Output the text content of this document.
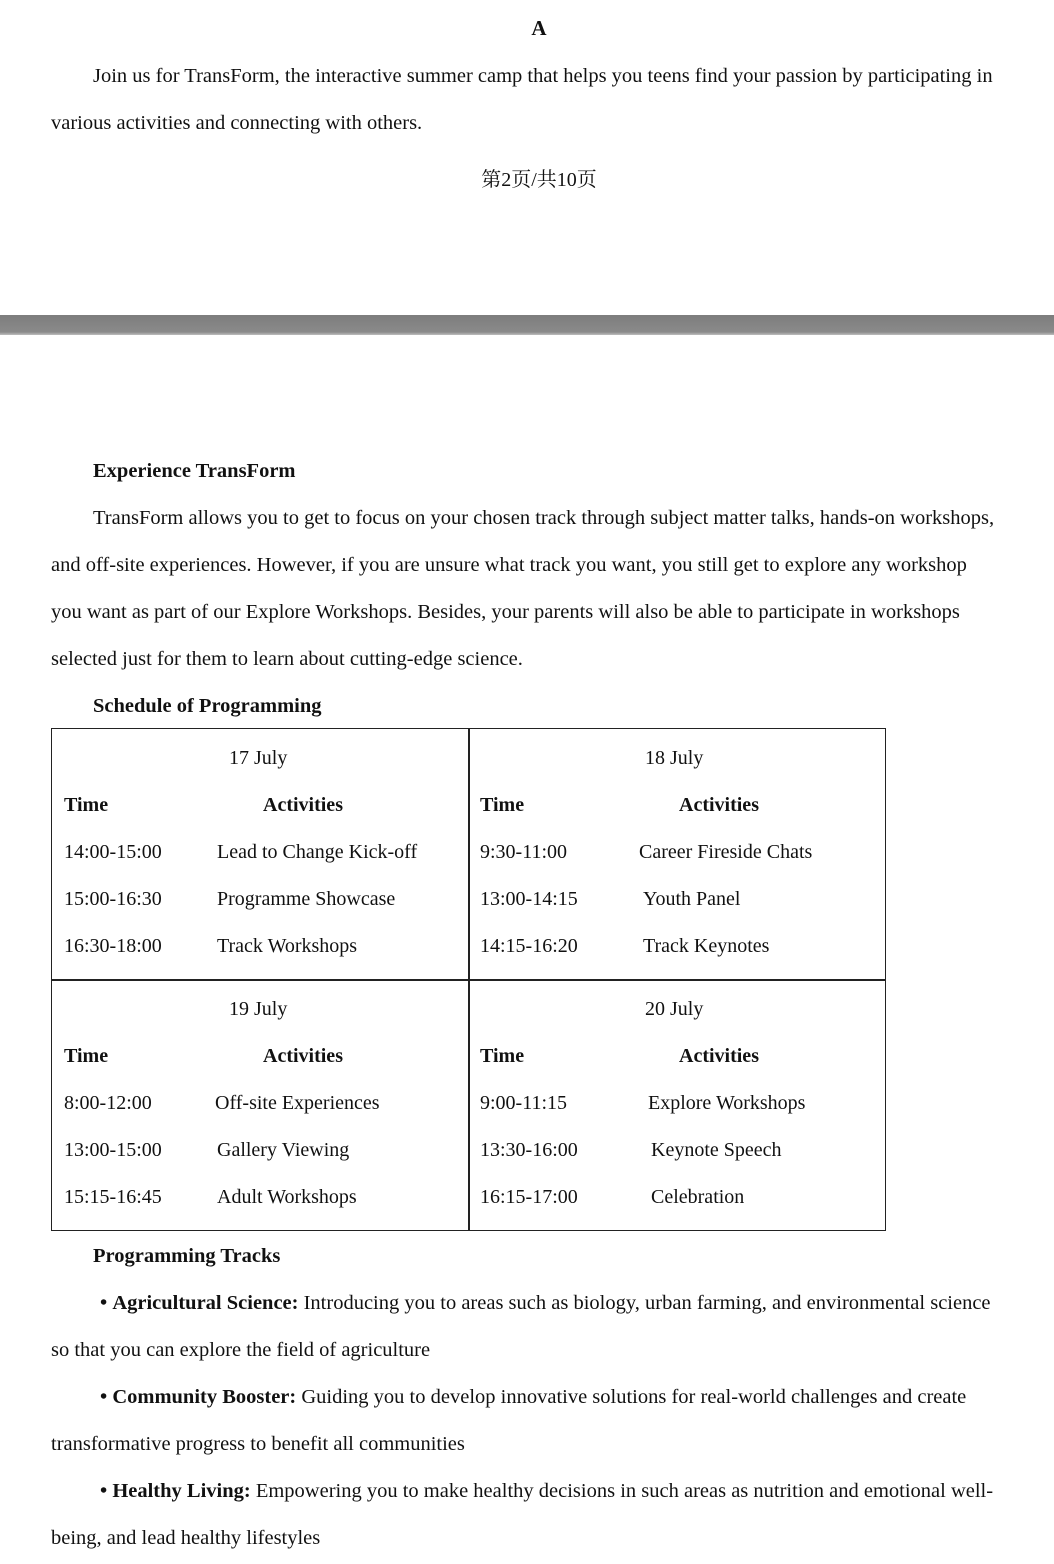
A
Join us for TransForm, the interactive summer camp that helps you teens find your passion by participating in
various activities and connecting with others.
第2页/共10页
Experience TransForm
TransForm allows you to get to focus on your chosen track through subject matter talks, hands-on workshops,
and off-site experiences. However, if you are unsure what track you want, you still get to explore any workshop
you want as part of our Explore Workshops. Besides, your parents will also be able to participate in workshops
selected just for them to learn about cutting-edge science.
Schedule of Programming
17 July
Time	Activities
14:00-15:00	Lead to Change Kick-off
15:00-16:30	Programme Showcase
16:30-18:00	Track Workshops
18 July
Time	Activities
9:30-11:00	Career Fireside Chats
13:00-14:15	Youth Panel
14:15-16:20	Track Keynotes
19 July
Time	Activities
8:00-12:00	Off-site Experiences
13:00-15:00	Gallery Viewing
15:15-16:45	Adult Workshops
20 July
Time	Activities
9:00-11:15	Explore Workshops
13:30-16:00	Keynote Speech
16:15-17:00	Celebration
Programming Tracks
• Agricultural Science: Introducing you to areas such as biology, urban farming, and environmental science
so that you can explore the field of agriculture
• Community Booster: Guiding you to develop innovative solutions for real-world challenges and create
transformative progress to benefit all communities
• Healthy Living: Empowering you to make healthy decisions in such areas as nutrition and emotional well-
being, and lead healthy lifestyles
